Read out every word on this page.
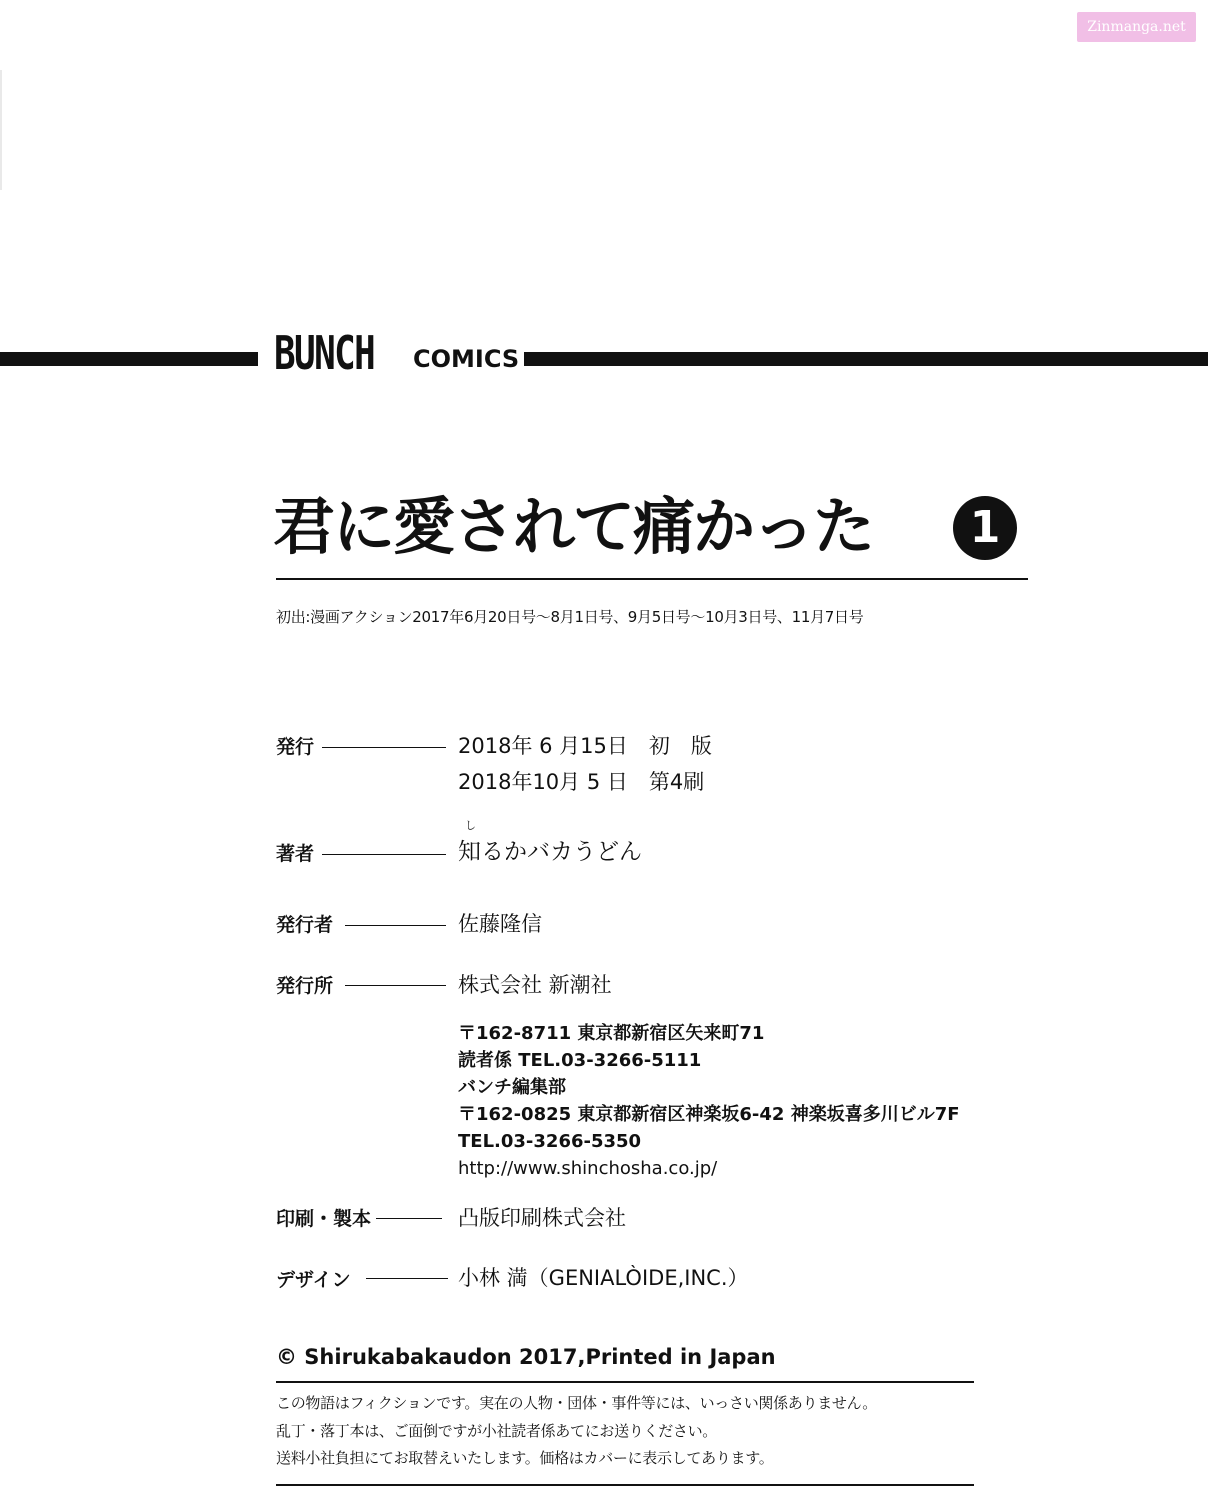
Zinmanga.net
BUNCH COMICS
君に愛されて痛かった	1
初出:漫画アクション2017年6月20日号～8月1日号、9月5日号～10月3日号、11月7日号
発行	2018年 6 月15日　初　版
2018年10月 5 日　第4刷
し
著者	知るかバカうどん
発行者	佐藤隆信
発行所	株式会社 新潮社
〒162-8711 東京都新宿区矢来町71
読者係 TEL.03-3266-5111
バンチ編集部
〒162-0825 東京都新宿区神楽坂6-42 神楽坂喜多川ビル7F
TEL.03-3266-5350
http://www.shinchosha.co.jp/
印刷・製本	凸版印刷株式会社
デザイン	小林 満（GENIALÒIDE,INC.）
© Shirukabakaudon 2017,Printed in Japan
この物語はフィクションです。実在の人物・団体・事件等には、いっさい関係ありません。
乱丁・落丁本は、ご面倒ですが小社読者係あてにお送りください。
送料小社負担にてお取替えいたします。価格はカバーに表示してあります。
